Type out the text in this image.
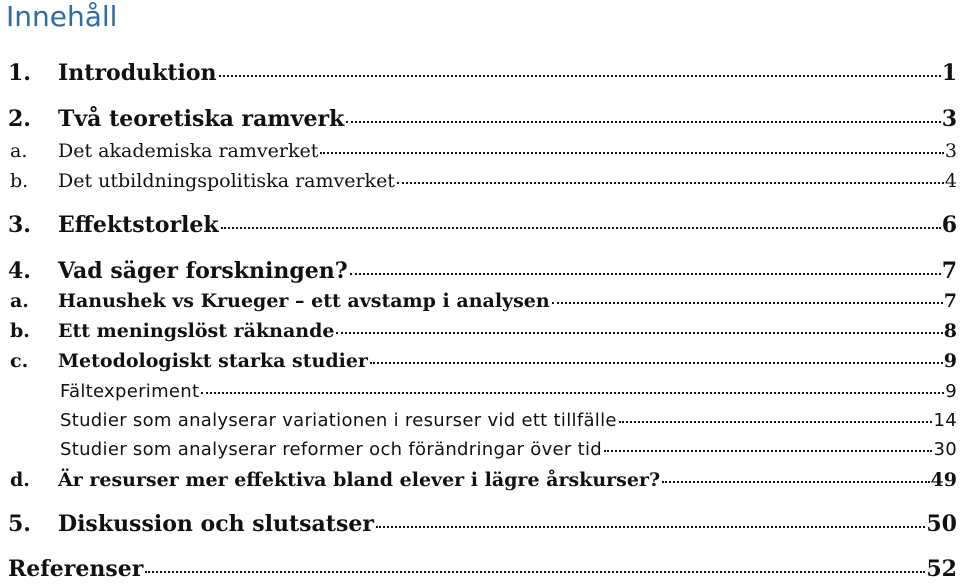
Innehåll
1.	Introduktion	1
2.	Två teoretiska ramverk	3
a.	Det akademiska ramverket	3
b.	Det utbildningspolitiska ramverket	4
3.	Effektstorlek	6
4.	Vad säger forskningen?	7
a.	Hanushek vs Krueger – ett avstamp i analysen	7
b.	Ett meningslöst räknande	8
c.	Metodologiskt starka studier	9
Fältexperiment	9
Studier som analyserar variationen i resurser vid ett tillfälle	14
Studier som analyserar reformer och förändringar över tid	30
d.	Är resurser mer effektiva bland elever i lägre årskurser?	49
5.	Diskussion och slutsatser	50
Referenser	52
